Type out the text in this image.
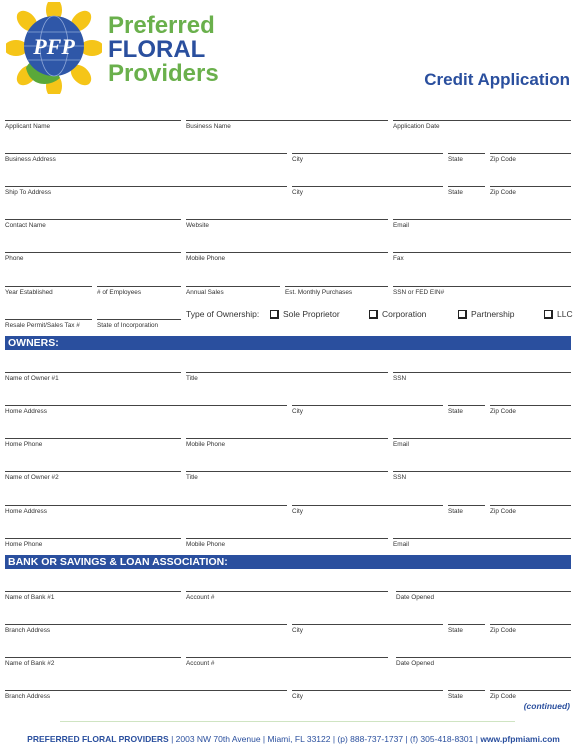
PFP
Preferred
FLORAL
Providers	Credit Application
Applicant Name	Business Name	Application Date
Business Address	City	State	Zip Code
Ship To Address	City	State	Zip Code
Contact Name	Website	Email
Phone	Mobile Phone	Fax
Year Established	# of Employees	Annual Sales	Est. Monthly Purchases	SSN or FED EIN#
Resale Permit/Sales Tax #	State of Incorporation
Type of Ownership:	Sole Proprietor	Corporation	Partnership	LLC
OWNERS:
Name of Owner #1	Title	SSN
Home Address	City	State	Zip Code
Home Phone	Mobile Phone	Email
Name of Owner #2	Title	SSN
Home Address	City	State	Zip Code
Home Phone	Mobile Phone	Email
BANK OR SAVINGS & LOAN ASSOCIATION:
Name of Bank #1	Account #	Date Opened
Branch Address	City	State	Zip Code
Name of Bank #2	Account #	Date Opened
Branch Address	City	State	Zip Code
(continued)
PREFERRED FLORAL PROVIDERS | 2003 NW 70th Avenue | Miami, FL 33122 | (p) 888-737-1737 | (f) 305-418-8301 | www.pfpmiami.com
